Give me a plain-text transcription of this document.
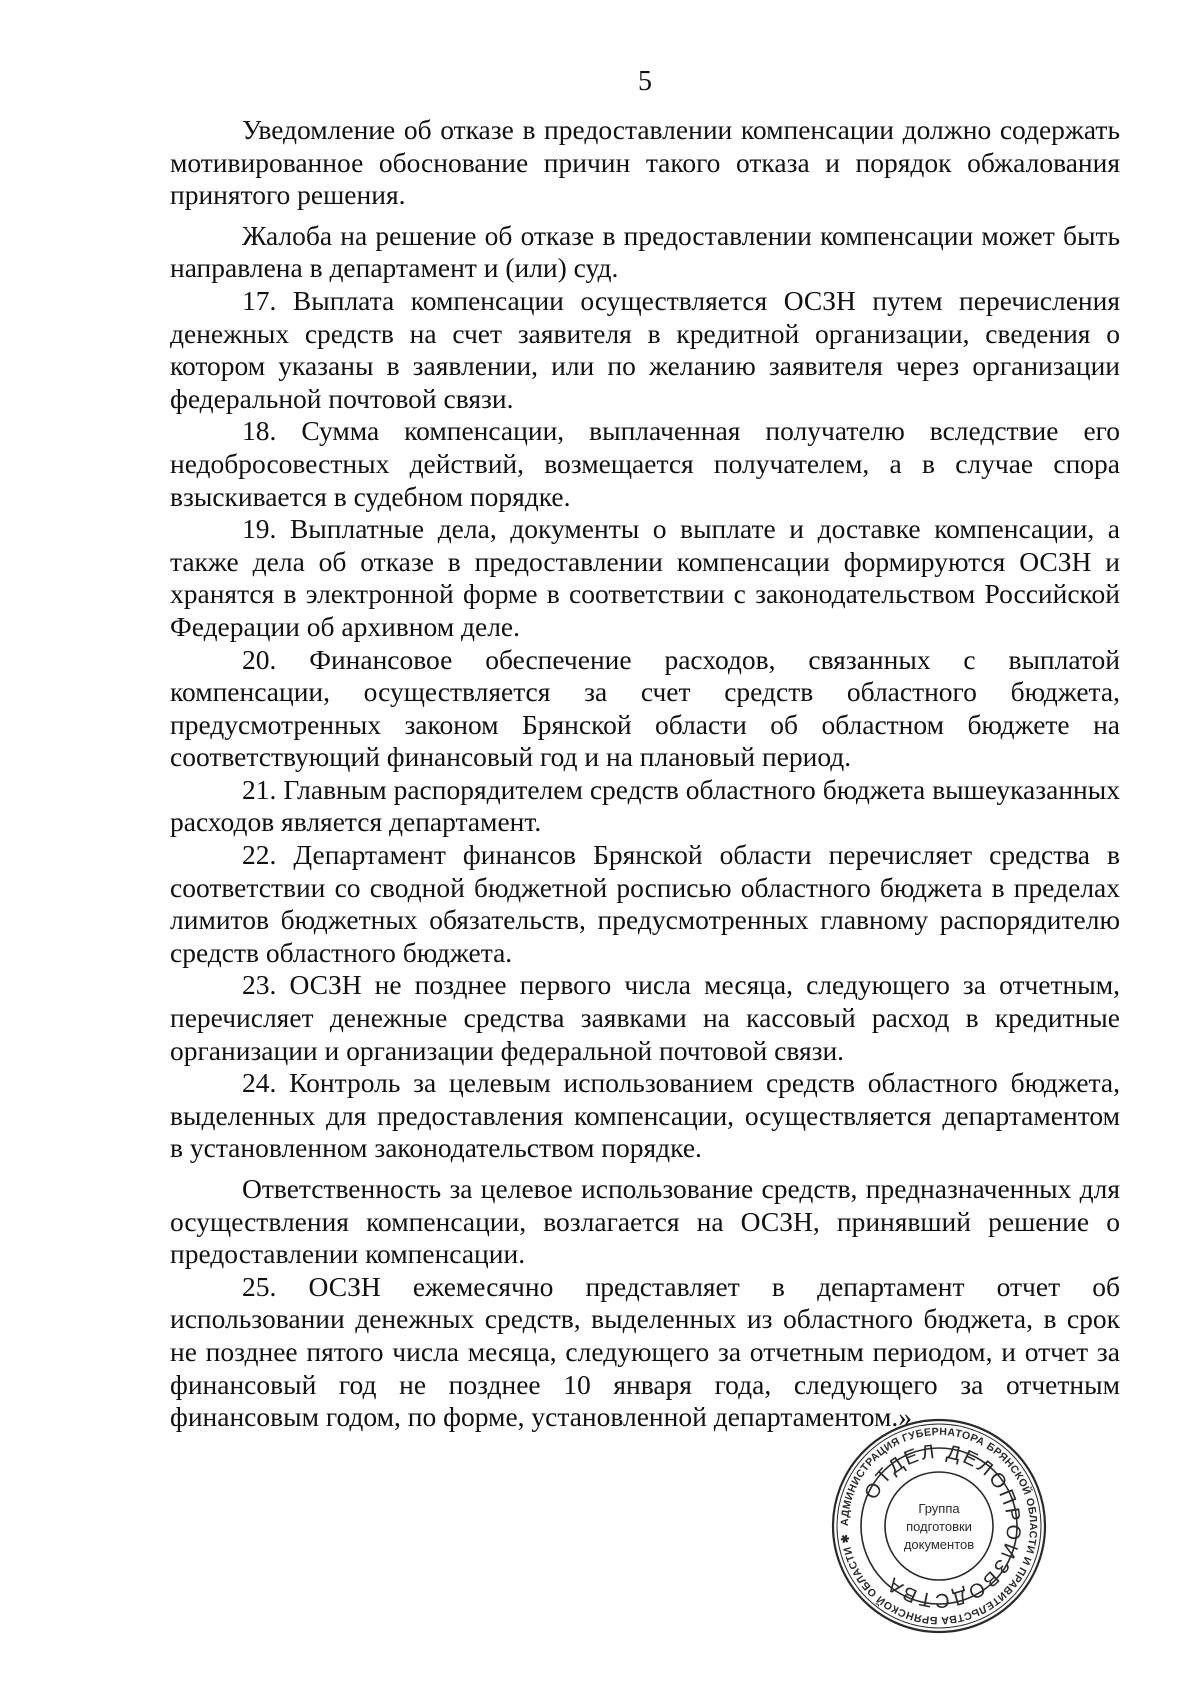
5

Уведомление об отказе в предоставлении компенсации должно содержать мотивированное обоснование причин такого отказа и порядок обжалования принятого решения.

Жалоба на решение об отказе в предоставлении компенсации может быть направлена в департамент и (или) суд.

17. Выплата компенсации осуществляется ОСЗН путем перечисления денежных средств на счет заявителя в кредитной организации, сведения о котором указаны в заявлении, или по желанию заявителя через организации федеральной почтовой связи.

18. Сумма компенсации, выплаченная получателю вследствие его недобросовестных действий, возмещается получателем, а в случае спора взыскивается в судебном порядке.

19. Выплатные дела, документы о выплате и доставке компенсации, а также дела об отказе в предоставлении компенсации формируются ОСЗН и хранятся в электронной форме в соответствии с законодательством Российской Федерации об архивном деле.

20. Финансовое обеспечение расходов, связанных с выплатой компенсации, осуществляется за счет средств областного бюджета, предусмотренных законом Брянской области об областном бюджете на соответствующий финансовый год и на плановый период.

21. Главным распорядителем средств областного бюджета вышеуказанных расходов является департамент.

22. Департамент финансов Брянской области перечисляет средства в соответствии со сводной бюджетной росписью областного бюджета в пределах лимитов бюджетных обязательств, предусмотренных главному распорядителю средств областного бюджета.

23. ОСЗН не позднее первого числа месяца, следующего за отчетным, перечисляет денежные средства заявками на кассовый расход в кредитные организации и организации федеральной почтовой связи.

24. Контроль за целевым использованием средств областного бюджета, выделенных для предоставления компенсации, осуществляется департаментом в установленном законодательством порядке.

Ответственность за целевое использование средств, предназначенных для осуществления компенсации, возлагается на ОСЗН, принявший решение о предоставлении компенсации.

25. ОСЗН ежемесячно представляет в департамент отчет об использовании денежных средств, выделенных из областного бюджета, в срок не позднее пятого числа месяца, следующего за отчетным периодом, и отчет за финансовый год не позднее 10 января года, следующего за отчетным финансовым годом, по форме, установленной департаментом.»

АДМИНИСТРАЦИЯ ГУБЕРНАТОРА БРЯНСКОЙ ОБЛАСТИ И ПРАВИТЕЛЬСТВА БРЯНСКОЙ ОБЛАСТИ ✱
ОТДЕЛ ДЕЛОПРОИЗВОДСТВА
Группа
подготовки
документов
